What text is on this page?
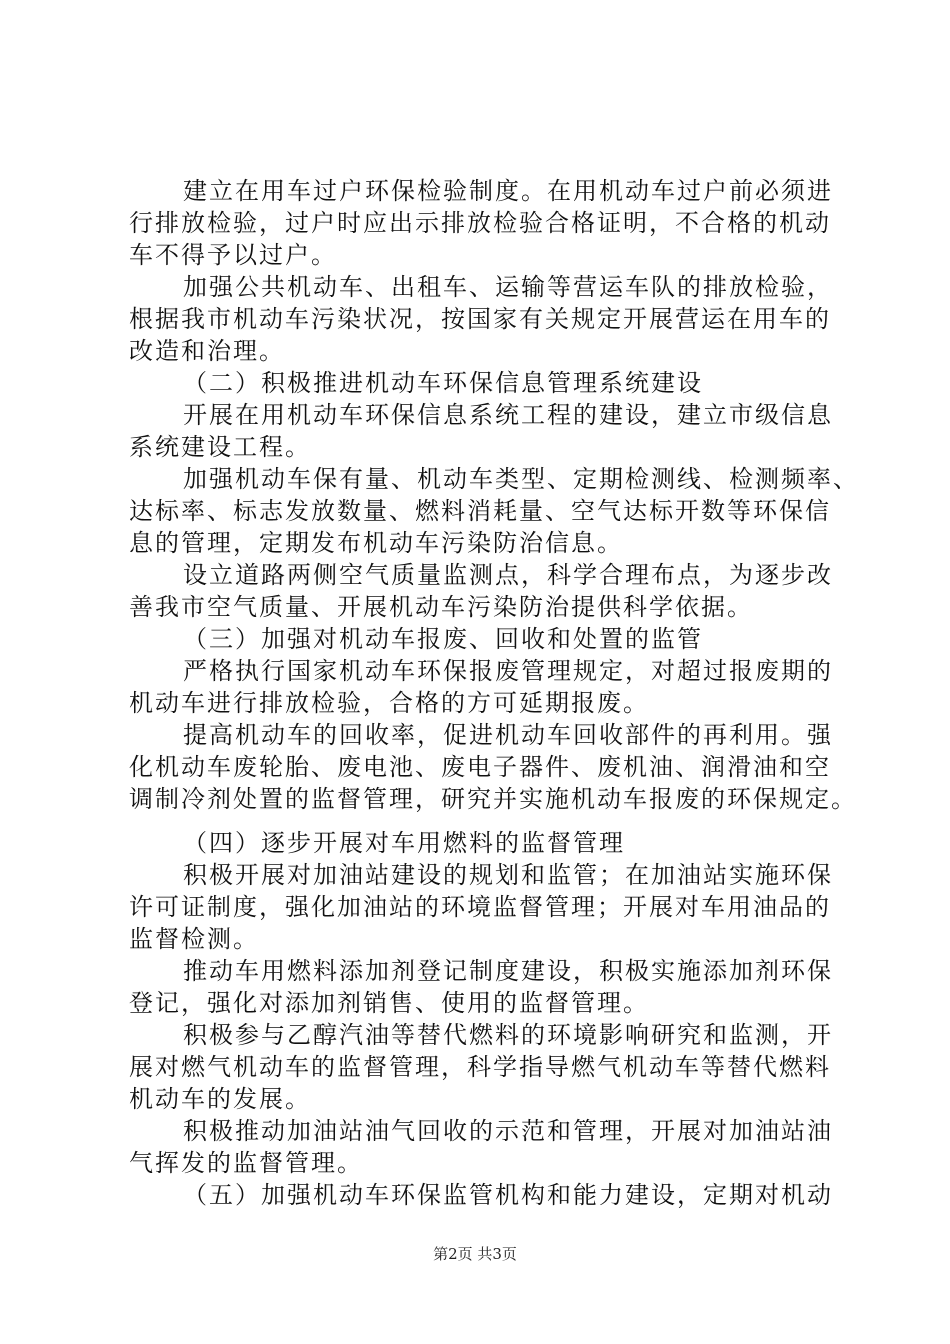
建立在用车过户环保检验制度。在用机动车过户前必须进
行排放检验，过户时应出示排放检验合格证明，不合格的机动
车不得予以过户。
加强公共机动车、出租车、运输等营运车队的排放检验，
根据我市机动车污染状况，按国家有关规定开展营运在用车的
改造和治理。
（二）积极推进机动车环保信息管理系统建设
开展在用机动车环保信息系统工程的建设，建立市级信息
系统建设工程。
加强机动车保有量、机动车类型、定期检测线、检测频率、
达标率、标志发放数量、燃料消耗量、空气达标开数等环保信
息的管理，定期发布机动车污染防治信息。
设立道路两侧空气质量监测点，科学合理布点，为逐步改
善我市空气质量、开展机动车污染防治提供科学依据。
（三）加强对机动车报废、回收和处置的监管
严格执行国家机动车环保报废管理规定，对超过报废期的
机动车进行排放检验，合格的方可延期报废。
提高机动车的回收率，促进机动车回收部件的再利用。强
化机动车废轮胎、废电池、废电子器件、废机油、润滑油和空
调制冷剂处置的监督管理，研究并实施机动车报废的环保规定。
（四）逐步开展对车用燃料的监督管理
积极开展对加油站建设的规划和监管；在加油站实施环保
许可证制度，强化加油站的环境监督管理；开展对车用油品的
监督检测。
推动车用燃料添加剂登记制度建设，积极实施添加剂环保
登记，强化对添加剂销售、使用的监督管理。
积极参与乙醇汽油等替代燃料的环境影响研究和监测，开
展对燃气机动车的监督管理，科学指导燃气机动车等替代燃料
机动车的发展。
积极推动加油站油气回收的示范和管理，开展对加油站油
气挥发的监督管理。
（五）加强机动车环保监管机构和能力建设，定期对机动
第2页 共3页
